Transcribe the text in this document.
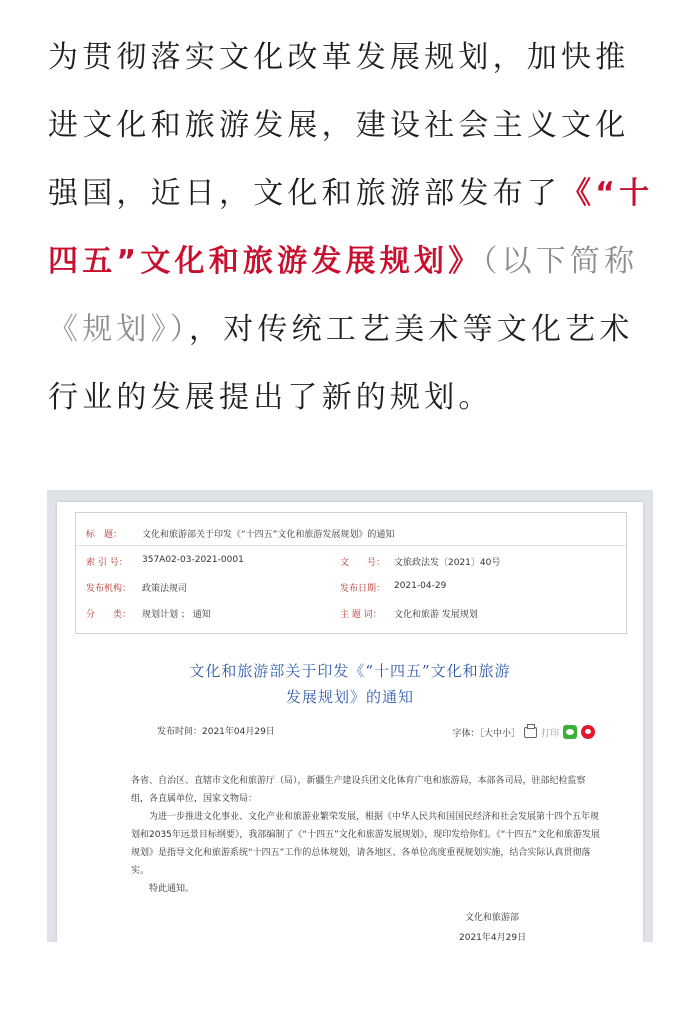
为贯彻落实文化改革发展规划，加快推进文化和旅游发展，建设社会主义文化强国，近日，文化和旅游部发布了《“十四五”文化和旅游发展规划》（以下简称《规划》），对传统工艺美术等文化艺术行业的发展提出了新的规划。

标　题： 文化和旅游部关于印发《“十四五”文化和旅游发展规划》的通知
索 引 号： 357A02-03-2021-0001	文　　号： 文旅政法发〔2021〕40号
发布机构： 政策法规司	发布日期： 2021-04-29
分　　类： 规划计划 ； 通知	主 题 词： 文化和旅游 发展规划
文化和旅游部关于印发《“十四五”文化和旅游
发展规划》的通知
发布时间：2021年04月29日	字体：［大中小］ 打印

各省、自治区、直辖市文化和旅游厅（局），新疆生产建设兵团文化体育广电和旅游局，本部各司局，驻部纪检监察组，各直属单位，国家文物局：

为进一步推进文化事业、文化产业和旅游业繁荣发展，根据《中华人民共和国国民经济和社会发展第十四个五年规划和2035年远景目标纲要》，我部编制了《“十四五”文化和旅游发展规划》，现印发给你们。《“十四五”文化和旅游发展规划》是指导文化和旅游系统“十四五”工作的总体规划，请各地区、各单位高度重视规划实施，结合实际认真贯彻落实。

特此通知。

文化和旅游部
2021年4月29日
